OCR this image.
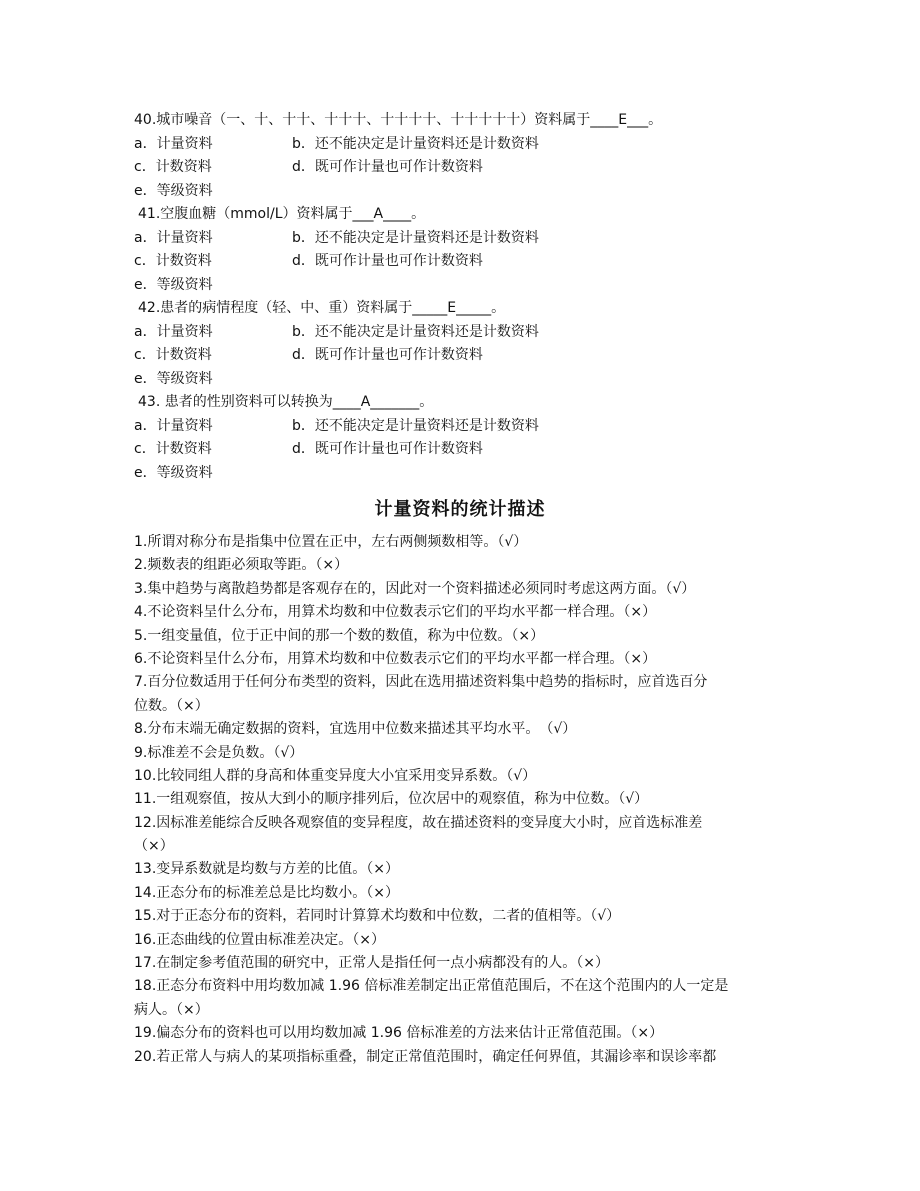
40.城市噪音（一、十、十十、十十十、十十十十、十十十十十）资料属于____E___。
a．计量资料	b．还不能决定是计量资料还是计数资料
c．计数资料	d．既可作计量也可作计数资料
e．等级资料
41.空腹血糖（mmol/L）资料属于___A____。
a．计量资料	b．还不能决定是计量资料还是计数资料
c．计数资料	d．既可作计量也可作计数资料
e．等级资料
42.患者的病情程度（轻、中、重）资料属于_____E_____。
a．计量资料	b．还不能决定是计量资料还是计数资料
c．计数资料	d．既可作计量也可作计数资料
e．等级资料
43. 患者的性别资料可以转换为____A_______。
a．计量资料	b．还不能决定是计量资料还是计数资料
c．计数资料	d．既可作计量也可作计数资料
e．等级资料
计量资料的统计描述
1.所谓对称分布是指集中位置在正中，左右两侧频数相等。（√）
2.频数表的组距必须取等距。（×）
3.集中趋势与离散趋势都是客观存在的，因此对一个资料描述必须同时考虑这两方面。（√）
4.不论资料呈什么分布，用算术均数和中位数表示它们的平均水平都一样合理。（×）
5.一组变量值，位于正中间的那一个数的数值，称为中位数。（×）
6.不论资料呈什么分布，用算术均数和中位数表示它们的平均水平都一样合理。（×）
7.百分位数适用于任何分布类型的资料，因此在选用描述资料集中趋势的指标时，应首选百分
位数。（×）
8.分布末端无确定数据的资料，宜选用中位数来描述其平均水平。　（√）
9.标准差不会是负数。（√）
10.比较同组人群的身高和体重变异度大小宜采用变异系数。（√）
11.一组观察值，按从大到小的顺序排列后，位次居中的观察值，称为中位数。（√）
12.因标准差能综合反映各观察值的变异程度，故在描述资料的变异度大小时，应首选标准差
（×）
13.变异系数就是均数与方差的比值。（×）
14.正态分布的标准差总是比均数小。（×）
15.对于正态分布的资料，若同时计算算术均数和中位数，二者的值相等。（√）
16.正态曲线的位置由标准差决定。（×）
17.在制定参考值范围的研究中，正常人是指任何一点小病都没有的人。（×）
18.正态分布资料中用均数加减 1.96 倍标准差制定出正常值范围后，不在这个范围内的人一定是
病人。（×）
19.偏态分布的资料也可以用均数加减 1.96 倍标准差的方法来估计正常值范围。（×）
20.若正常人与病人的某项指标重叠，制定正常值范围时，确定任何界值，其漏诊率和误诊率都
